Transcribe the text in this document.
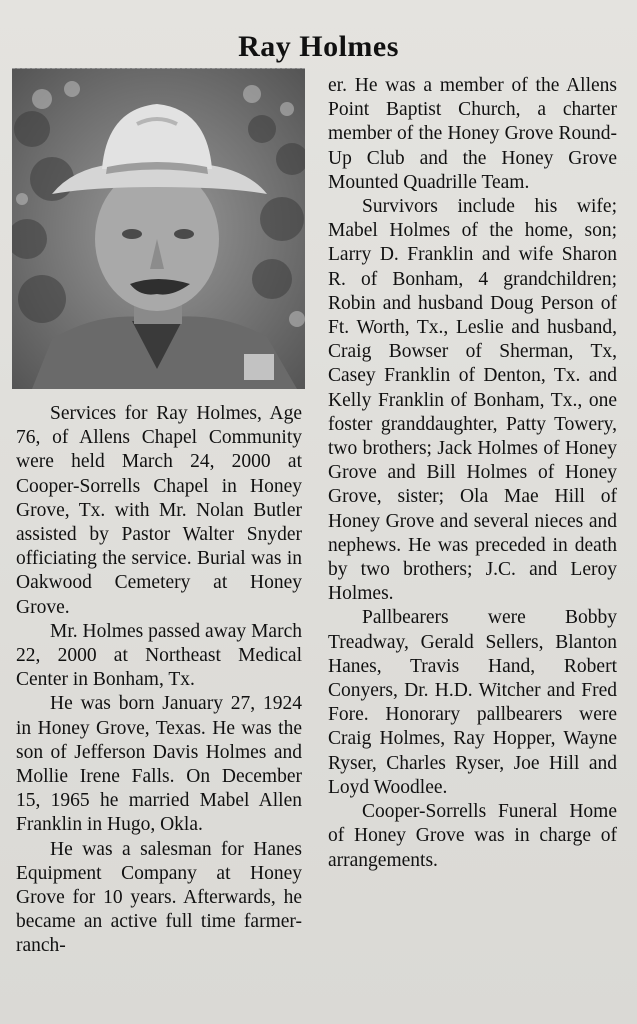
Ray Holmes

Services for Ray Holmes, Age 76, of Allens Chapel Community were held March 24, 2000 at Cooper-Sorrells Chapel in Honey Grove, Tx. with Mr. Nolan Butler assisted by Pastor Walter Snyder officiating the service. Burial was in Oakwood Cemetery at Honey Grove.

Mr. Holmes passed away March 22, 2000 at Northeast Medical Center in Bonham, Tx.

He was born January 27, 1924 in Honey Grove, Texas. He was the son of Jefferson Davis Holmes and Mollie Irene Falls. On December 15, 1965 he married Mabel Allen Franklin in Hugo, Okla.

He was a salesman for Hanes Equipment Company at Honey Grove for 10 years. Afterwards, he became an active full time farmer-ranch-

er. He was a member of the Allens Point Baptist Church, a charter member of the Honey Grove Round-Up Club and the Honey Grove Mounted Quadrille Team.

Survivors include his wife; Mabel Holmes of the home, son; Larry D. Franklin and wife Sharon R. of Bonham, 4 grandchildren; Robin and husband Doug Person of Ft. Worth, Tx., Leslie and husband, Craig Bowser of Sherman, Tx, Casey Franklin of Denton, Tx. and Kelly Franklin of Bonham, Tx., one foster granddaughter, Patty Towery, two brothers; Jack Holmes of Honey Grove and Bill Holmes of Honey Grove, sister; Ola Mae Hill of Honey Grove and several nieces and nephews. He was preceded in death by two brothers; J.C. and Leroy Holmes.

Pallbearers were Bobby Treadway, Gerald Sellers, Blanton Hanes, Travis Hand, Robert Conyers, Dr. H.D. Witcher and Fred Fore. Honorary pallbearers were Craig Holmes, Ray Hopper, Wayne Ryser, Charles Ryser, Joe Hill and Loyd Woodlee.

Cooper-Sorrells Funeral Home of Honey Grove was in charge of arrangements.
